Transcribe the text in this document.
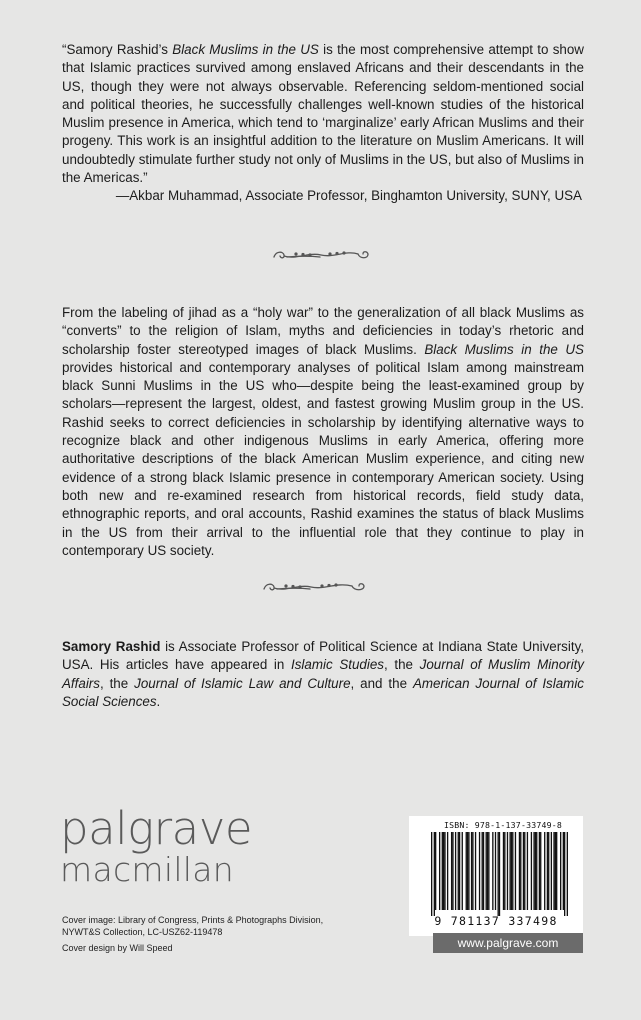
“Samory Rashid’s Black Muslims in the US is the most comprehensive attempt to show that Islamic practices survived among enslaved Africans and their descendants in the US, though they were not always observable. Referencing seldom-mentioned social and political theories, he successfully challenges well-known studies of the historical Muslim presence in America, which tend to ‘marginalize’ early African Muslims and their progeny. This work is an insightful addition to the literature on Muslim Americans. It will undoubtedly stimulate further study not only of Muslims in the US, but also of Muslims in the Americas.”

—Akbar Muhammad, Associate Professor, Binghamton University, SUNY, USA

From the labeling of jihad as a “holy war” to the generalization of all black Muslims as “converts” to the religion of Islam, myths and deficiencies in today’s rhetoric and scholarship foster stereotyped images of black Muslims. Black Muslims in the US provides historical and contemporary analyses of political Islam among mainstream black Sunni Muslims in the US who—despite being the least-examined group by scholars—represent the largest, oldest, and fastest growing Muslim group in the US. Rashid seeks to correct deficiencies in scholarship by identifying alternative ways to recognize black and other indigenous Muslims in early America, offering more authoritative descriptions of the black American Muslim experience, and citing new evidence of a strong black Islamic presence in contemporary American society. Using both new and re-examined research from historical records, field study data, ethnographic reports, and oral accounts, Rashid examines the status of black Muslims in the US from their arrival to the influential role that they continue to play in contemporary US society.

Samory Rashid is Associate Professor of Political Science at Indiana State University, USA. His articles have appeared in Islamic Studies, the Journal of Muslim Minority Affairs, the Journal of Islamic Law and Culture, and the American Journal of Islamic Social Sciences.

palgrave
macmillan
Cover image: Library of Congress, Prints & Photographs Division, NYWT&S Collection, LC-USZ62-119478
Cover design by Will Speed
ISBN: 978-1-137-33749-8
9 781137 337498
www.palgrave.com
